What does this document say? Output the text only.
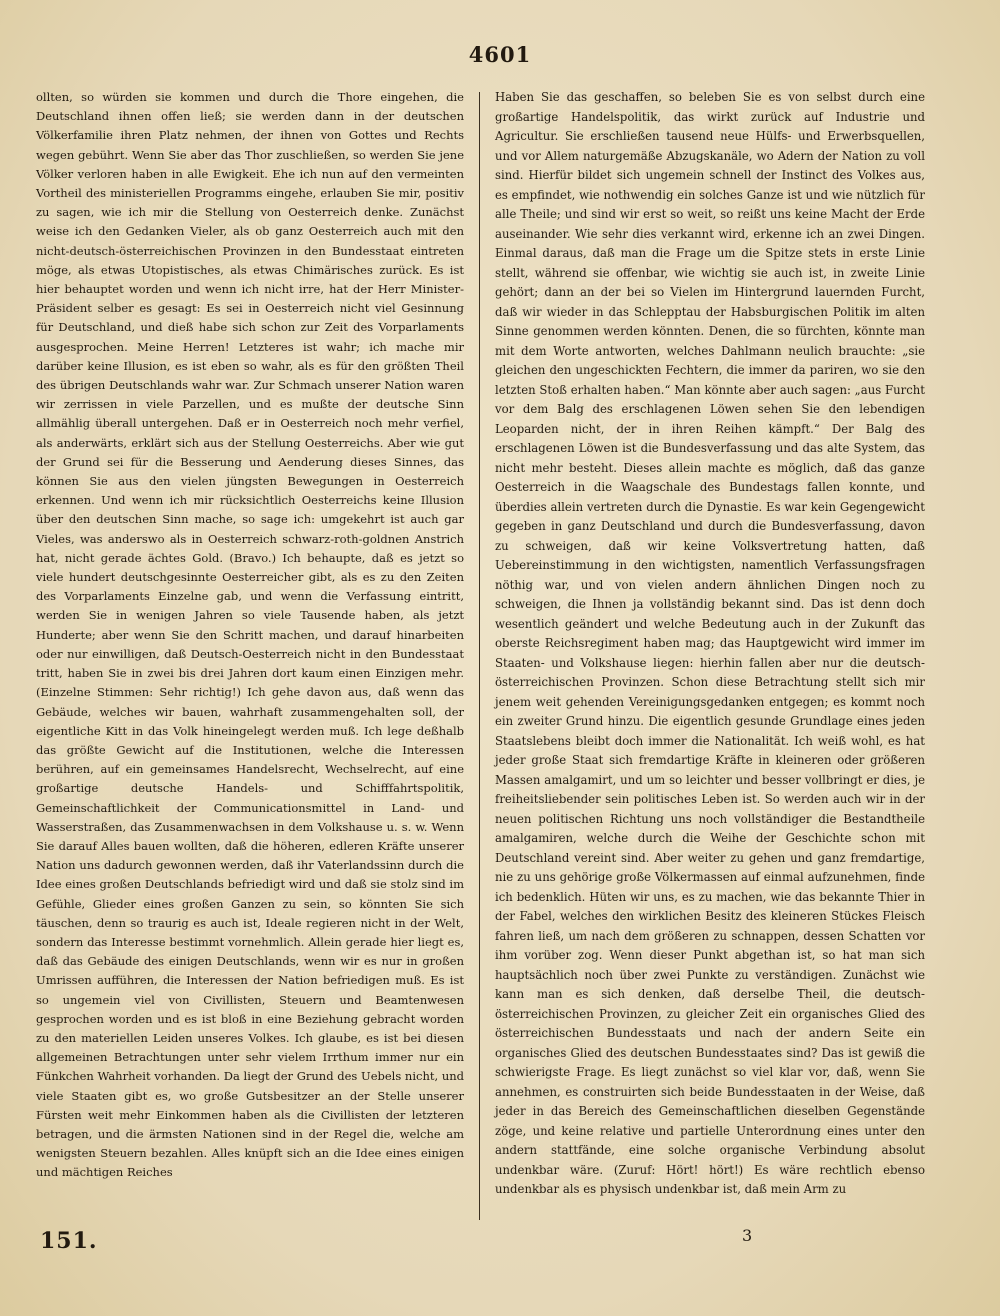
4601

ollten, so würden sie kommen und durch die Thore eingehen, die Deutschland ihnen offen ließ; sie werden dann in der deutschen Völkerfamilie ihren Platz nehmen, der ihnen von Gottes und Rechts wegen gebührt. Wenn Sie aber das Thor zuschließen, so werden Sie jene Völker verloren haben in alle Ewigkeit. Ehe ich nun auf den vermeinten Vortheil des ministeriellen Programms eingehe, erlauben Sie mir, positiv zu sagen, wie ich mir die Stellung von Oesterreich denke. Zunächst weise ich den Gedanken Vieler, als ob ganz Oesterreich auch mit den nicht-deutsch-österreichischen Provinzen in den Bundesstaat eintreten möge, als etwas Utopistisches, als etwas Chimärisches zurück. Es ist hier behauptet worden und wenn ich nicht irre, hat der Herr Minister-Präsident selber es gesagt: Es sei in Oesterreich nicht viel Gesinnung für Deutschland, und dieß habe sich schon zur Zeit des Vorparlaments ausgesprochen. Meine Herren! Letzteres ist wahr; ich mache mir darüber keine Illusion, es ist eben so wahr, als es für den größten Theil des übrigen Deutschlands wahr war. Zur Schmach unserer Nation waren wir zerrissen in viele Parzellen, und es mußte der deutsche Sinn allmählig überall untergehen. Daß er in Oesterreich noch mehr verfiel, als anderwärts, erklärt sich aus der Stellung Oesterreichs. Aber wie gut der Grund sei für die Besserung und Aenderung dieses Sinnes, das können Sie aus den vielen jüngsten Bewegungen in Oesterreich erkennen. Und wenn ich mir rücksichtlich Oesterreichs keine Illusion über den deutschen Sinn mache, so sage ich: umgekehrt ist auch gar Vieles, was anderswo als in Oesterreich schwarz-roth-goldnen Anstrich hat, nicht gerade ächtes Gold. (Bravo.) Ich behaupte, daß es jetzt so viele hundert deutschgesinnte Oesterreicher gibt, als es zu den Zeiten des Vorparlaments Einzelne gab, und wenn die Verfassung eintritt, werden Sie in wenigen Jahren so viele Tausende haben, als jetzt Hunderte; aber wenn Sie den Schritt machen, und darauf hinarbeiten oder nur einwilligen, daß Deutsch-Oesterreich nicht in den Bundesstaat tritt, haben Sie in zwei bis drei Jahren dort kaum einen Einzigen mehr. (Einzelne Stimmen: Sehr richtig!) Ich gehe davon aus, daß wenn das Gebäude, welches wir bauen, wahrhaft zusammengehalten soll, der eigentliche Kitt in das Volk hineingelegt werden muß. Ich lege deßhalb das größte Gewicht auf die Institutionen, welche die Interessen berühren, auf ein gemeinsames Handelsrecht, Wechselrecht, auf eine großartige deutsche Handels- und Schifffahrtspolitik, Gemeinschaftlichkeit der Communicationsmittel in Land- und Wasserstraßen, das Zusammenwachsen in dem Volkshause u. s. w. Wenn Sie darauf Alles bauen wollten, daß die höheren, edleren Kräfte unserer Nation uns dadurch gewonnen werden, daß ihr Vaterlandssinn durch die Idee eines großen Deutschlands befriedigt wird und daß sie stolz sind im Gefühle, Glieder eines großen Ganzen zu sein, so könnten Sie sich täuschen, denn so traurig es auch ist, Ideale regieren nicht in der Welt, sondern das Interesse bestimmt vornehmlich. Allein gerade hier liegt es, daß das Gebäude des einigen Deutschlands, wenn wir es nur in großen Umrissen aufführen, die Interessen der Nation befriedigen muß. Es ist so ungemein viel von Civillisten, Steuern und Beamtenwesen gesprochen worden und es ist bloß in eine Beziehung gebracht worden zu den materiellen Leiden unseres Volkes. Ich glaube, es ist bei diesen allgemeinen Betrachtungen unter sehr vielem Irrthum immer nur ein Fünkchen Wahrheit vorhanden. Da liegt der Grund des Uebels nicht, und viele Staaten gibt es, wo große Gutsbesitzer an der Stelle unserer Fürsten weit mehr Einkommen haben als die Civillisten der letzteren betragen, und die ärmsten Nationen sind in der Regel die, welche am wenigsten Steuern bezahlen. Alles knüpft sich an die Idee eines einigen und mächtigen Reiches

Haben Sie das geschaffen, so beleben Sie es von selbst durch eine großartige Handelspolitik, das wirkt zurück auf Industrie und Agricultur. Sie erschließen tausend neue Hülfs- und Erwerbsquellen, und vor Allem naturgemäße Abzugskanäle, wo Adern der Nation zu voll sind. Hierfür bildet sich ungemein schnell der Instinct des Volkes aus, es empfindet, wie nothwendig ein solches Ganze ist und wie nützlich für alle Theile; und sind wir erst so weit, so reißt uns keine Macht der Erde auseinander. Wie sehr dies verkannt wird, erkenne ich an zwei Dingen. Einmal daraus, daß man die Frage um die Spitze stets in erste Linie stellt, während sie offenbar, wie wichtig sie auch ist, in zweite Linie gehört; dann an der bei so Vielen im Hintergrund lauernden Furcht, daß wir wieder in das Schlepptau der Habsburgischen Politik im alten Sinne genommen werden könnten. Denen, die so fürchten, könnte man mit dem Worte antworten, welches Dahlmann neulich brauchte: „sie gleichen den ungeschickten Fechtern, die immer da pariren, wo sie den letzten Stoß erhalten haben.“ Man könnte aber auch sagen: „aus Furcht vor dem Balg des erschlagenen Löwen sehen Sie den lebendigen Leoparden nicht, der in ihren Reihen kämpft.“ Der Balg des erschlagenen Löwen ist die Bundesverfassung und das alte System, das nicht mehr besteht. Dieses allein machte es möglich, daß das ganze Oesterreich in die Waagschale des Bundestags fallen konnte, und überdies allein vertreten durch die Dynastie. Es war kein Gegengewicht gegeben in ganz Deutschland und durch die Bundesverfassung, davon zu schweigen, daß wir keine Volksvertretung hatten, daß Uebereinstimmung in den wichtigsten, namentlich Verfassungsfragen nöthig war, und von vielen andern ähnlichen Dingen noch zu schweigen, die Ihnen ja vollständig bekannt sind. Das ist denn doch wesentlich geändert und welche Bedeutung auch in der Zukunft das oberste Reichsregiment haben mag; das Hauptgewicht wird immer im Staaten- und Volkshause liegen: hierhin fallen aber nur die deutsch-österreichischen Provinzen. Schon diese Betrachtung stellt sich mir jenem weit gehenden Vereinigungsgedanken entgegen; es kommt noch ein zweiter Grund hinzu. Die eigentlich gesunde Grundlage eines jeden Staatslebens bleibt doch immer die Nationalität. Ich weiß wohl, es hat jeder große Staat sich fremdartige Kräfte in kleineren oder größeren Massen amalgamirt, und um so leichter und besser vollbringt er dies, je freiheitsliebender sein politisches Leben ist. So werden auch wir in der neuen politischen Richtung uns noch vollständiger die Bestandtheile amalgamiren, welche durch die Weihe der Geschichte schon mit Deutschland vereint sind. Aber weiter zu gehen und ganz fremdartige, nie zu uns gehörige große Völkermassen auf einmal aufzunehmen, finde ich bedenklich. Hüten wir uns, es zu machen, wie das bekannte Thier in der Fabel, welches den wirklichen Besitz des kleineren Stückes Fleisch fahren ließ, um nach dem größeren zu schnappen, dessen Schatten vor ihm vorüber zog. Wenn dieser Punkt abgethan ist, so hat man sich hauptsächlich noch über zwei Punkte zu verständigen. Zunächst wie kann man es sich denken, daß derselbe Theil, die deutsch-österreichischen Provinzen, zu gleicher Zeit ein organisches Glied des österreichischen Bundesstaats und nach der andern Seite ein organisches Glied des deutschen Bundesstaates sind? Das ist gewiß die schwierigste Frage. Es liegt zunächst so viel klar vor, daß, wenn Sie annehmen, es construirten sich beide Bundesstaaten in der Weise, daß jeder in das Bereich des Gemeinschaftlichen dieselben Gegenstände zöge, und keine relative und partielle Unterordnung eines unter den andern stattfände, eine solche organische Verbindung absolut undenkbar wäre. (Zuruf: Hört! hört!) Es wäre rechtlich ebenso undenkbar als es physisch undenkbar ist, daß mein Arm zu

151.	3
